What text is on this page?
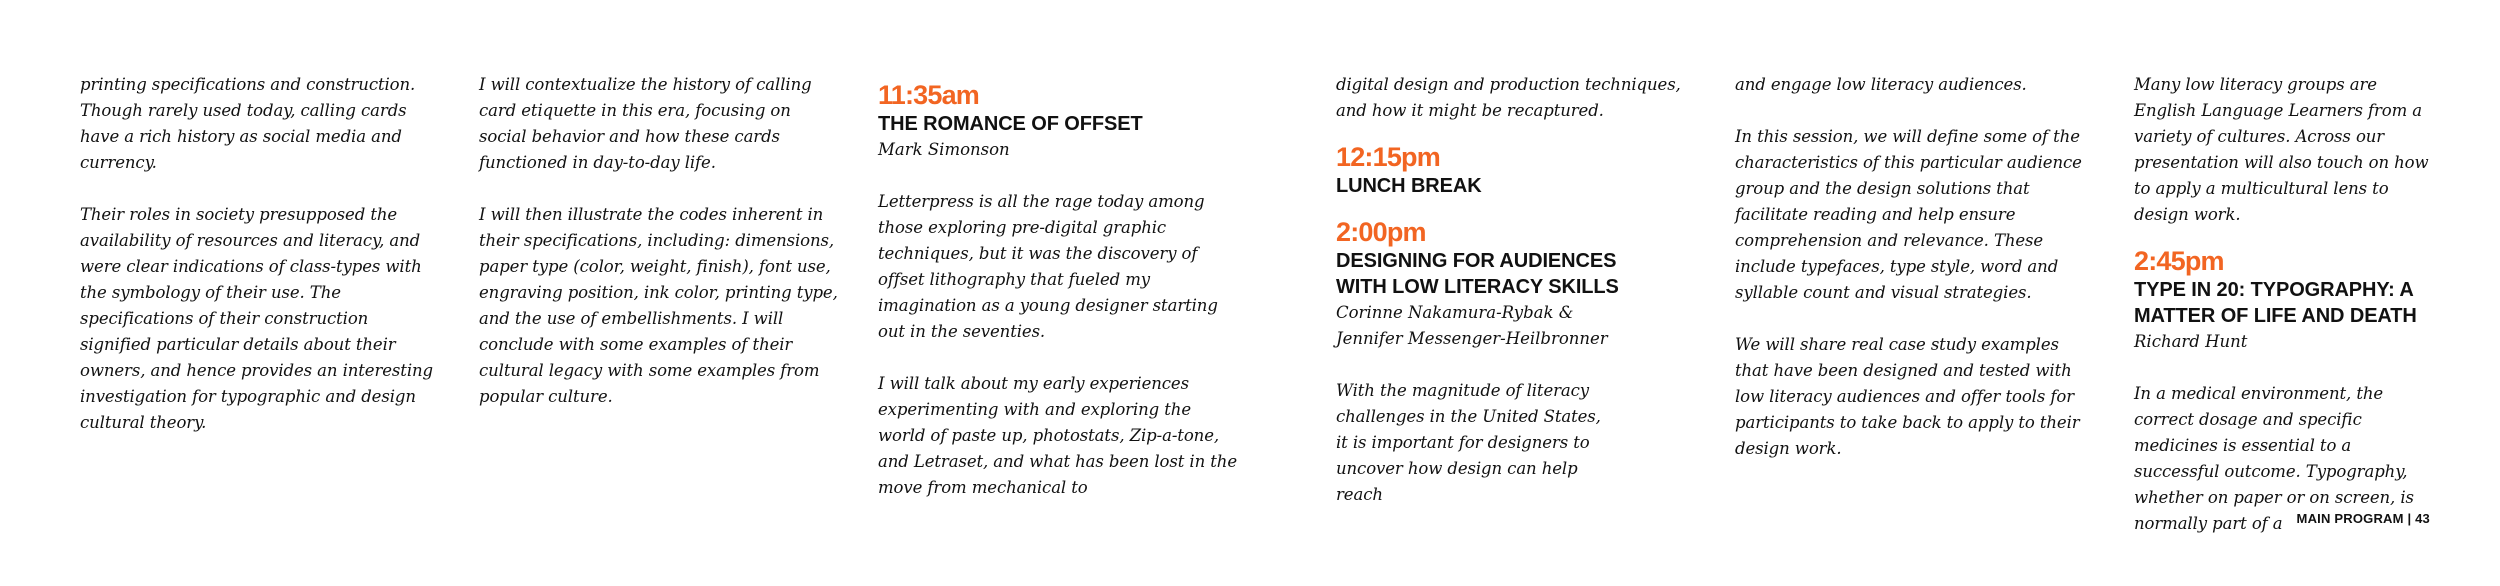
printing specifications and construction. Though rarely used today, calling cards have a rich history as social media and currency.

Their roles in society presupposed the availability of resources and literacy, and were clear indications of class-types with the symbology of their use. The specifications of their construction signified particular details about their owners, and hence provides an interesting investigation for typographic and design cultural theory.

I will contextualize the history of calling card etiquette in this era, focusing on social behavior and how these cards functioned in day-to-day life.

I will then illustrate the codes inherent in their specifications, including: dimensions, paper type (color, weight, finish), font use, engraving position, ink color, printing type, and the use of embellishments. I will conclude with some examples of their cultural legacy with some examples from popular culture.

11:35am
THE ROMANCE OF OFFSET
Mark Simonson

Letterpress is all the rage today among those exploring pre-digital graphic techniques, but it was the discovery of offset lithography that fueled my imagination as a young designer starting out in the seventies.

I will talk about my early experiences experimenting with and exploring the world of paste up, photostats, Zip-a-tone, and Letraset, and what has been lost in the move from mechanical to

digital design and production techniques, and how it might be recaptured.

12:15pm
LUNCH BREAK
2:00pm
DESIGNING FOR AUDIENCES WITH LOW LITERACY SKILLS
Corinne Nakamura-Rybak & Jennifer Messenger-Heilbronner

With the magnitude of literacy challenges in the United States, it is important for designers to uncover how design can help reach

and engage low literacy audiences.

In this session, we will define some of the characteristics of this particular audience group and the design solutions that facilitate reading and help ensure comprehension and relevance. These include typefaces, type style, word and syllable count and visual strategies.

We will share real case study examples that have been designed and tested with low literacy audiences and offer tools for participants to take back to apply to their design work.

Many low literacy groups are English Language Learners from a variety of cultures. Across our presentation will also touch on how to apply a multicultural lens to design work.

2:45pm
TYPE IN 20: TYPOGRAPHY: A MATTER OF LIFE AND DEATH
Richard Hunt

In a medical environment, the correct dosage and specific medicines is essential to a successful outcome. Typography, whether on paper or on screen, is normally part of a	MAIN PROGRAM | 43
